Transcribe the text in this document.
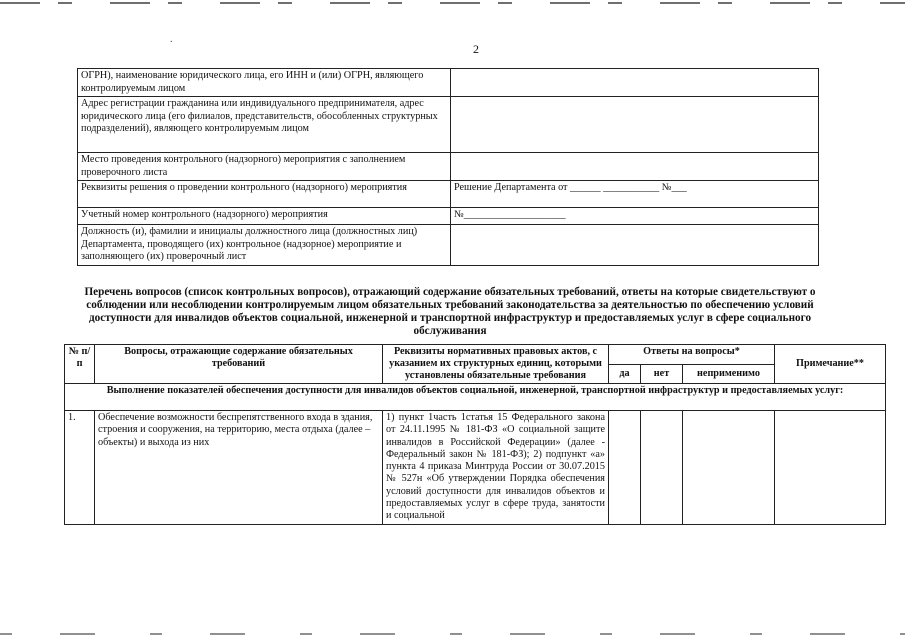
.
2
ОГРН), наименование юридического лица, его ИНН и (или) ОГРН, являющего контролируемым лицом	
Адрес регистрации гражданина или индивидуального предпринимателя, адрес юридического лица (его филиалов, представительств, обособленных структурных подразделений), являющего контролируемым лицом	
Место проведения контрольного (надзорного) мероприятия с заполнением проверочного листа	
Реквизиты решения о проведении контрольного (надзорного) мероприятия	Решение Департамента от ______ ___________ №___
Учетный номер контрольного (надзорного) мероприятия	№____________________
Должность (и), фамилии и инициалы должностного лица (должностных лиц) Департамента, проводящего (их) контрольное (надзорное) мероприятие и заполняющего (их) проверочный лист	
Перечень вопросов (список контрольных вопросов), отражающий содержание обязательных требований, ответы на которые свидетельствуют о соблюдении или несоблюдении контролируемым лицом обязательных требований законодательства за деятельностью по обеспечению условий доступности для инвалидов объектов социальной, инженерной и транспортной инфраструктур и предоставляемых услуг в сфере социального обслуживания
№ п/п	Вопросы, отражающие содержание обязательных требований	Реквизиты нормативных правовых актов, с указанием их структурных единиц, которыми установлены обязательные требования	Ответы на вопросы*			Примечание**
			да	нет	неприменимо	
Выполнение показателей обеспечения доступности для инвалидов объектов социальной, инженерной, транспортной инфраструктур и предоставляемых услуг:						
1.	Обеспечение возможности беспрепятственного входа в здания, строения и сооружения, на территорию, места отдыха (далее – объекты) и выхода из них	1) пункт 1часть 1статья 15 Федерального закона от 24.11.1995 № 181-ФЗ «О социальной защите инвалидов в Российской Федерации» (далее - Федеральный закон № 181-ФЗ); 2) подпункт «а» пункта 4 приказа Минтруда России от 30.07.2015 № 527н «Об утверждении Порядка обеспечения условий доступности для инвалидов объектов и предоставляемых услуг в сфере труда, занятости и социальной				
